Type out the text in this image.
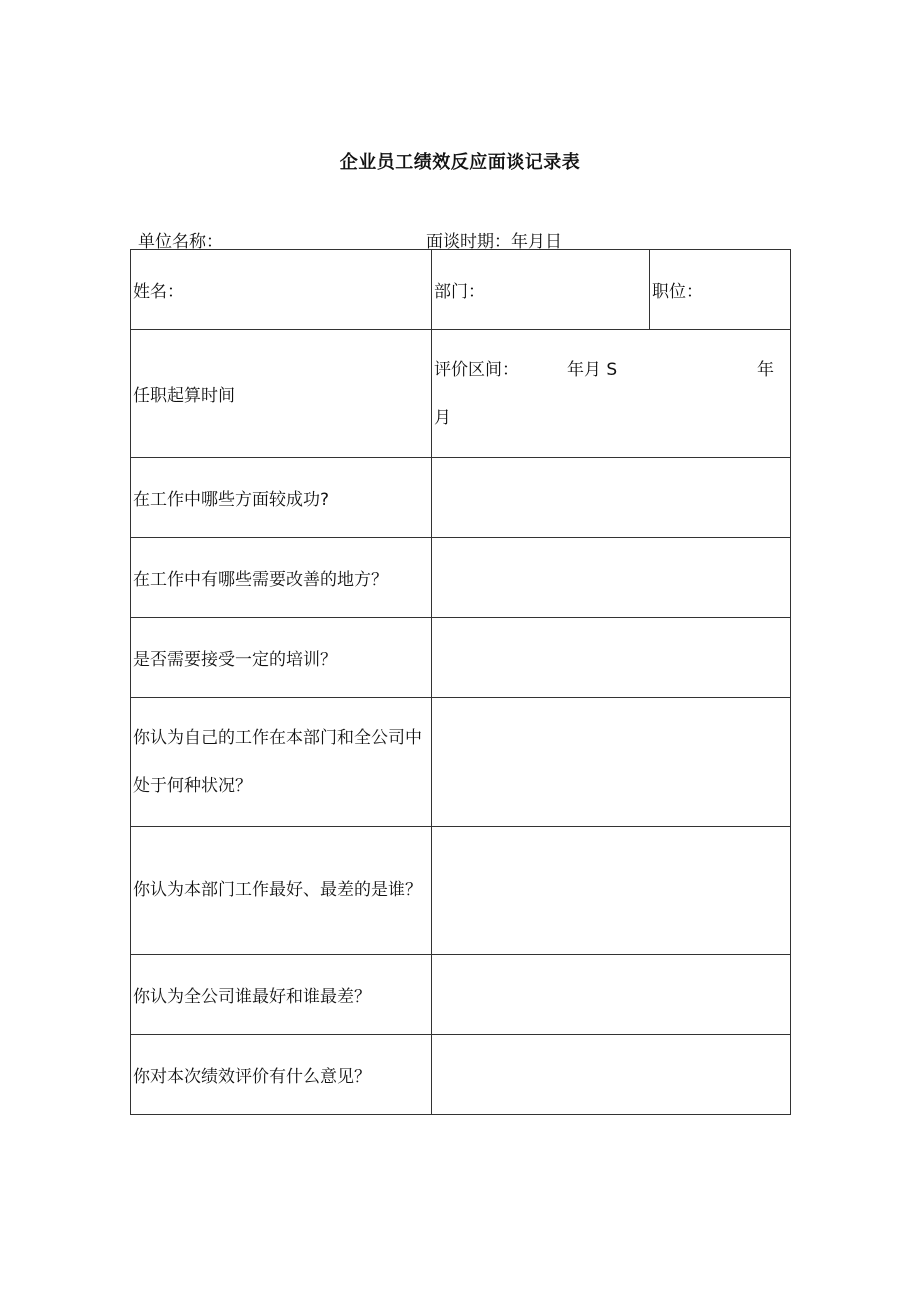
企业员工绩效反应面谈记录表
单位名称：	面谈时期：年月日
姓名：	部门：	职位：
任职起算时间	评价区间： 年月 S 年
月	

在工作中哪些方面较成功?		
在工作中有哪些需要改善的地方？		
是否需要接受一定的培训？		

你认为自己的工作在本部门和全公司中处于何种状况？		

你认为本部门工作最好、最差的是谁？		

你认为全公司谁最好和谁最差？		
你对本次绩效评价有什么意见？		
